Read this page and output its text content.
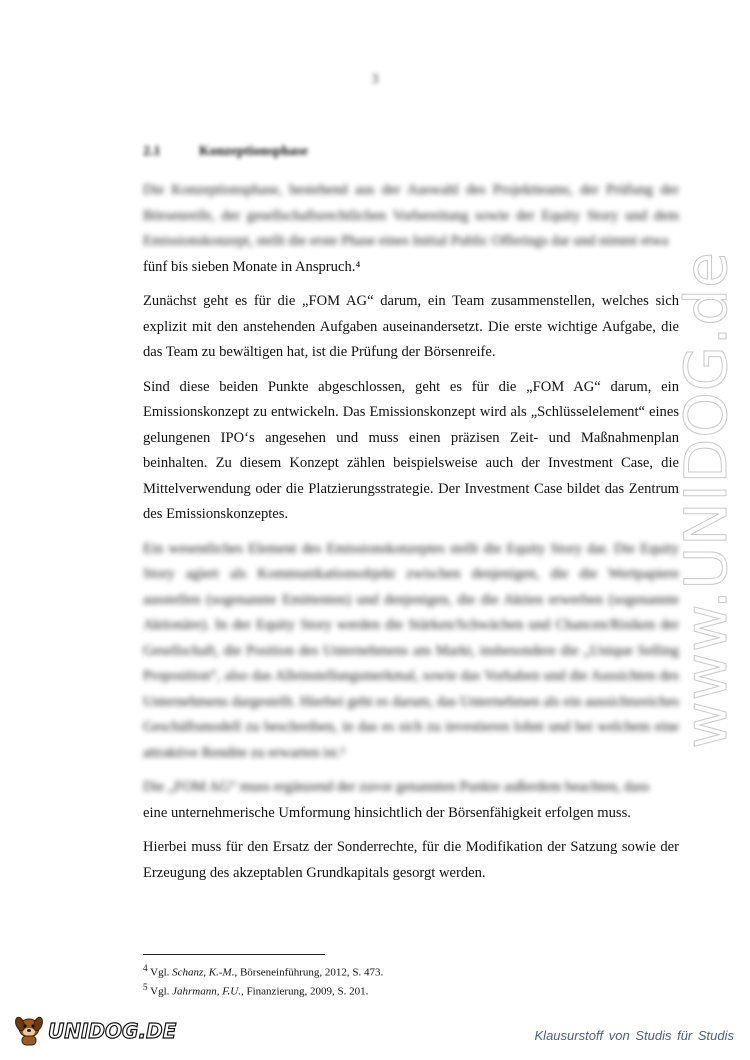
3
2.1	Konzeptionsphase
Die Konzeptionsphase, bestehend aus der Auswahl des Projektteams, der Prüfung der Börsenreife, der gesellschaftsrechtlichen Vorbereitung sowie der Equity Story und dem Emissionskonzept, stellt die erste Phase eines Initial Public Offerings dar und nimmt etwa

fünf bis sieben Monate in Anspruch.⁴

Zunächst geht es für die „FOM AG“ darum, ein Team zusammenstellen, welches sich explizit mit den anstehenden Aufgaben auseinandersetzt. Die erste wichtige Aufgabe, die das Team zu bewältigen hat, ist die Prüfung der Börsenreife.

Sind diese beiden Punkte abgeschlossen, geht es für die „FOM AG“ darum, ein Emissionskonzept zu entwickeln. Das Emissionskonzept wird als „Schlüsselelement“ eines gelungenen IPO‘s angesehen und muss einen präzisen Zeit- und Maßnahmenplan beinhalten. Zu diesem Konzept zählen beispielsweise auch der Investment Case, die Mittelverwendung oder die Platzierungsstrategie. Der Investment Case bildet das Zentrum des Emissionskonzeptes.

Ein wesentliches Element des Emissionskonzeptes stellt die Equity Story dar. Die Equity Story agiert als Kommunikationsobjekt zwischen denjenigen, die die Wertpapiere ausstellen (sogenannte Emittenten) und denjenigen, die die Aktien erwerben (sogenannte Aktionäre). In der Equity Story werden die Stärken/Schwächen und Chancen/Risiken der Gesellschaft, die Position des Unternehmens am Markt, insbesondere die „Unique Selling Proposition“, also das Alleinstellungsmerkmal, sowie das Vorhaben und die Aussichten des Unternehmens dargestellt. Hierbei geht es darum, das Unternehmen als ein aussichtsreiches Geschäftsmodell zu beschreiben, in das es sich zu investieren lohnt und bei welchem eine attraktive Rendite zu erwarten ist.⁵

Die „FOM AG“ muss ergänzend der zuvor genannten Punkte außerdem beachten, dass

eine unternehmerische Umformung hinsichtlich der Börsenfähigkeit erfolgen muss.

Hierbei muss für den Ersatz der Sonderrechte, für die Modifikation der Satzung sowie der Erzeugung des akzeptablen Grundkapitals gesorgt werden.

$^4$ Vgl. Schanz, K.-M., Börseneinführung, 2012, S. 473.
$^5$ Vgl. Jahrmann, F.U., Finanzierung, 2009, S. 201.
www.UNIDOG.de
UNIDOG.DE	Klausurstoff von Studis für Studis
